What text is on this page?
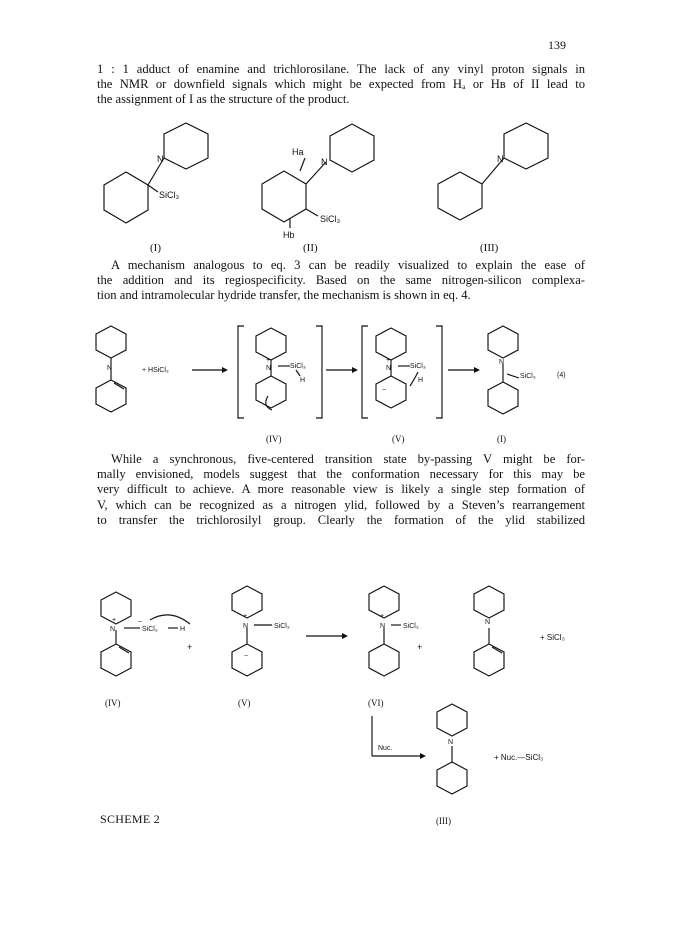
139
1 : 1 adduct of enamine and trichlorosilane. The lack of any vinyl proton signals in
the NMR or downfield signals which might be expected from Hₐ or Hʙ of II lead to
the assignment of I as the structure of the product.
N
SiCl₃
Ha
N
SiCl₃
Hb
N
(I)	(II)	(III)
A mechanism analogous to eq. 3 can be readily visualized to explain the ease of
the addition and its regiospecificity. Based on the same nitrogen-silicon complexa-
tion and intramolecular hydride transfer, the mechanism is shown in eq. 4.
N	+ HSiCl₃
+
N	SiCl₃
H
+
N	SiCl₃
H
−
N
SiCl₃	(4)
(IV)	(V)	(I)
While a synchronous, five-centered transition state by-passing V might be for-
mally envisioned, models suggest that the conformation necessary for this may be
very difficult to achieve. A more reasonable view is likely a single step formation of
V, which can be recognized as a nitrogen ylid, followed by a Steven’s rearrangement
to transfer the trichlorosilyl group. Clearly the formation of the ylid stabilized
+
N
−
SiCl₃	H
+
+
N	SiCl₃
−
+
N	SiCl₃
+
N
+ SiCl₃
(IV)	(V)	(VI)
Nuc.
N
+ Nuc.—SiCl₃
(III)
SCHEME 2
